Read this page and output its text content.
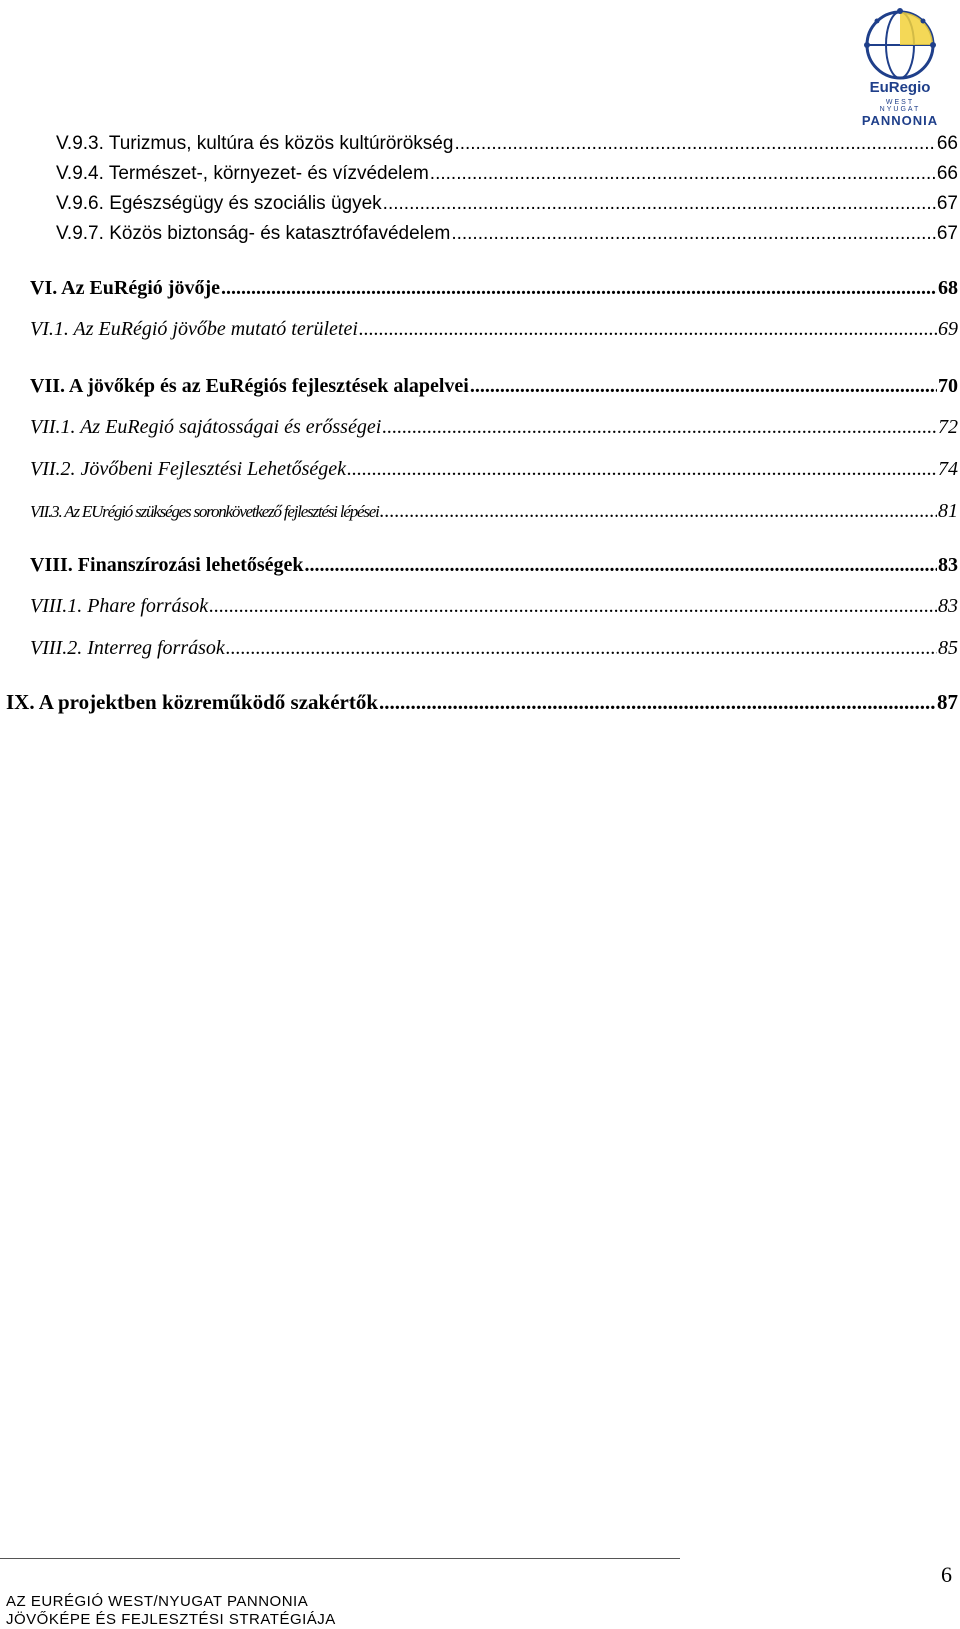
EuRegio
WEST
NYUGAT
PANNONIA
V.9.3. Turizmus, kultúra és közös kultúrörökség .....	66
V.9.4. Természet-, környezet- és vízvédelem .....	66
V.9.6. Egészségügy és szociális ügyek .....	67
V.9.7. Közös biztonság- és katasztrófavédelem .....	67
VI. Az EuRégió jövője .....	68
VI.1. Az EuRégió jövőbe mutató területei .....	69
VII. A jövőkép és az EuRégiós fejlesztések alapelvei .....	70
VII.1. Az EuRegió sajátosságai és erősségei .....	72
VII.2. Jövőbeni Fejlesztési Lehetőségek .....	74
VII.3. Az EUrégió szükséges soronkövetkező fejlesztési lépései .....	81
VIII. Finanszírozási lehetőségek .....	83
VIII.1. Phare források .....	83
VIII.2. Interreg források .....	85
IX. A projektben közreműködő szakértők .....	87
6
AZ EURÉGIÓ WEST/NYUGAT PANNONIA
JÖVŐKÉPE ÉS FEJLESZTÉSI STRATÉGIÁJA
